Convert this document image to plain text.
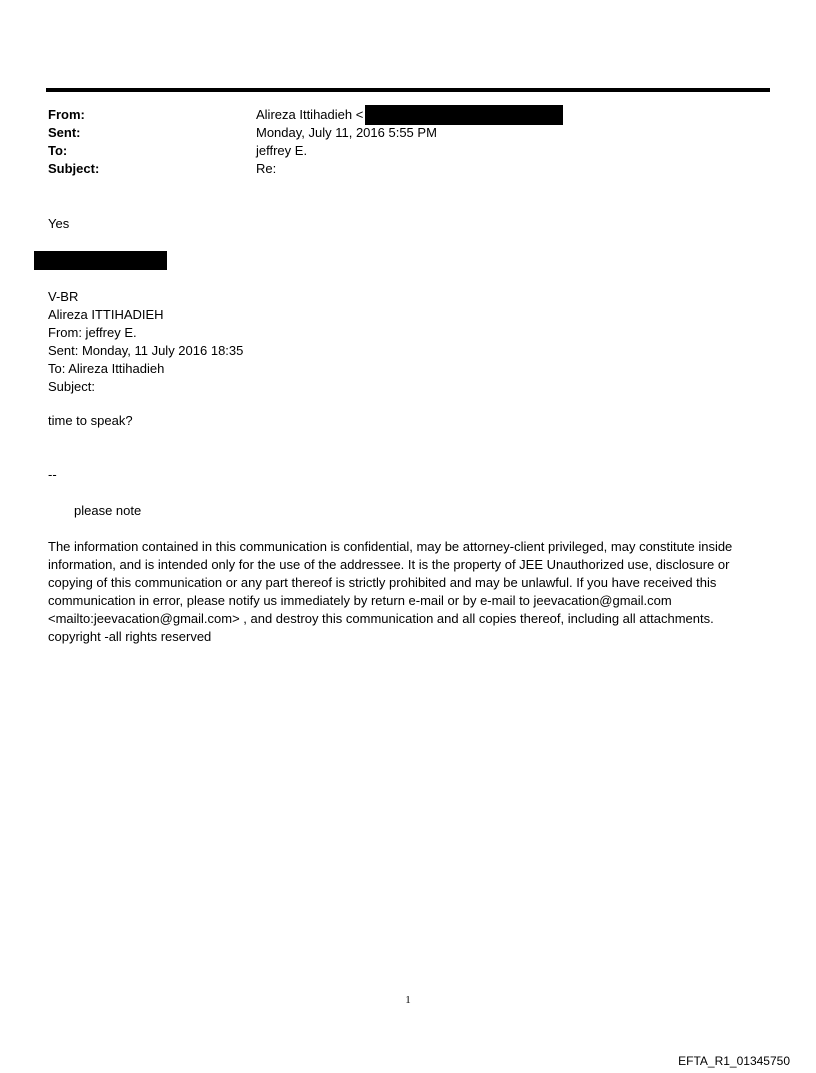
From:	Alireza Ittihadieh <
Sent:	Monday, July 11, 2016 5:55 PM
To:	jeffrey E.
Subject:	Re:
Yes
V-BR
Alireza ITTIHADIEH
From: jeffrey E.
Sent: Monday, 11 July 2016 18:35
To: Alireza Ittihadieh
Subject:
time to speak?
--
please note
The information contained in this communication is confidential, may be attorney-client privileged, may constitute inside information, and is intended only for the use of the addressee. It is the property of JEE Unauthorized use, disclosure or copying of this communication or any part thereof is strictly prohibited and may be unlawful. If you have received this communication in error, please notify us immediately by return e-mail or by e-mail to jeevacation@gmail.com <mailto:jeevacation@gmail.com> , and destroy this communication and all copies thereof, including all attachments. copyright -all rights reserved
1
EFTA_R1_01345750
